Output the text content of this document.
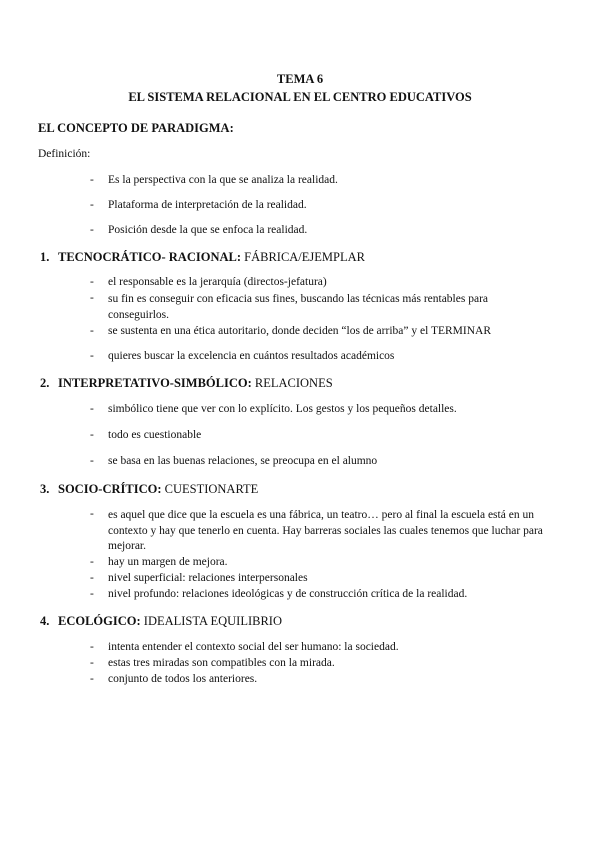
TEMA 6
EL SISTEMA RELACIONAL EN EL CENTRO EDUCATIVOS
EL CONCEPTO DE PARADIGMA:
Definición:
- Es la perspectiva con la que se analiza la realidad.
- Plataforma de interpretación de la realidad.
- Posición desde la que se enfoca la realidad.
1. TECNOCRÁTICO- RACIONAL: FÁBRICA/EJEMPLAR
- el responsable es la jerarquía (directos-jefatura)
- su fin es conseguir con eficacia sus fines, buscando las técnicas más rentables para conseguirlos.
- se sustenta en una ética autoritario, donde deciden “los de arriba” y el TERMINAR
- quieres buscar la excelencia en cuántos resultados académicos
2. INTERPRETATIVO-SIMBÓLICO: RELACIONES
- simbólico tiene que ver con lo explícito. Los gestos y los pequeños detalles.
- todo es cuestionable
- se basa en las buenas relaciones, se preocupa en el alumno
3. SOCIO-CRÍTICO: CUESTIONARTE
- es aquel que dice que la escuela es una fábrica, un teatro… pero al final la escuela está en un contexto y hay que tenerlo en cuenta. Hay barreras sociales las cuales tenemos que luchar para mejorar.
- hay un margen de mejora.
- nivel superficial: relaciones interpersonales
- nivel profundo: relaciones ideológicas y de construcción crítica de la realidad.
4. ECOLÓGICO: IDEALISTA EQUILIBRIO
- intenta entender el contexto social del ser humano: la sociedad.
- estas tres miradas son compatibles con la mirada.
- conjunto de todos los anteriores.
